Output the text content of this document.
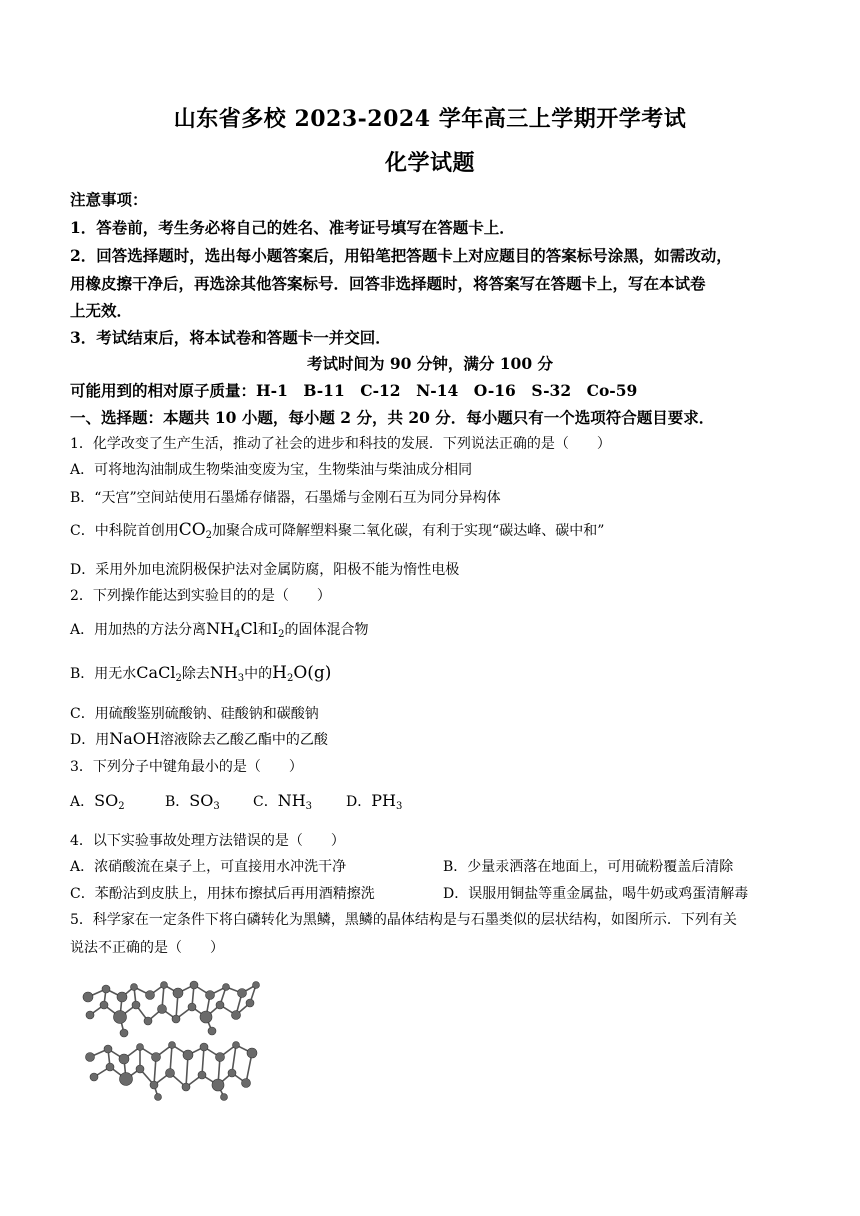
山东省多校 2023-2024 学年高三上学期开学考试
化学试题
注意事项：
1．答卷前，考生务必将自己的姓名、准考证号填写在答题卡上．
2．回答选择题时，选出每小题答案后，用铅笔把答题卡上对应题目的答案标号涂黑，如需改动，
用橡皮擦干净后，再选涂其他答案标号．回答非选择题时，将答案写在答题卡上，写在本试卷
上无效．
3．考试结束后，将本试卷和答题卡一并交回．
考试时间为 90 分钟，满分 100 分
可能用到的相对原子质量：H-1　B-11　C-12　N-14　O-16　S-32　Co-59
一、选择题：本题共 10 小题，每小题 2 分，共 20 分．每小题只有一个选项符合题目要求．
1．化学改变了生产生活，推动了社会的进步和科技的发展．下列说法正确的是（　　）
A．可将地沟油制成生物柴油变废为宝，生物柴油与柴油成分相同
B．“天宫”空间站使用石墨烯存储器，石墨烯与金刚石互为同分异构体
C．中科院首创用$CO_2$加聚合成可降解塑料聚二氧化碳，有利于实现“碳达峰、碳中和”
D．采用外加电流阴极保护法对金属防腐，阳极不能为惰性电极
2．下列操作能达到实验目的的是（　　）
A．用加热的方法分离$NH_4Cl$和$I_2$的固体混合物
B．用无水CaCl$_2$除去$NH_3$中的$H_2O(g)$
C．用硫酸鉴别硫酸钠、硅酸钠和碳酸钠
D．用NaOH溶液除去乙酸乙酯中的乙酸
3．下列分子中键角最小的是（　　）
A．$SO_2$	B．$SO_3$ C．$NH_3$ D．$PH_3$
4．以下实验事故处理方法错误的是（　　）
A．浓硝酸流在桌子上，可直接用水冲洗干净	B．少量汞洒落在地面上，可用硫粉覆盖后清除
C．苯酚沾到皮肤上，用抹布擦拭后再用酒精擦洗	D．误服用铜盐等重金属盐，喝牛奶或鸡蛋清解毒
5．科学家在一定条件下将白磷转化为黑鳞，黑鳞的晶体结构是与石墨类似的层状结构，如图所示．下列有关
说法不正确的是（　　）
